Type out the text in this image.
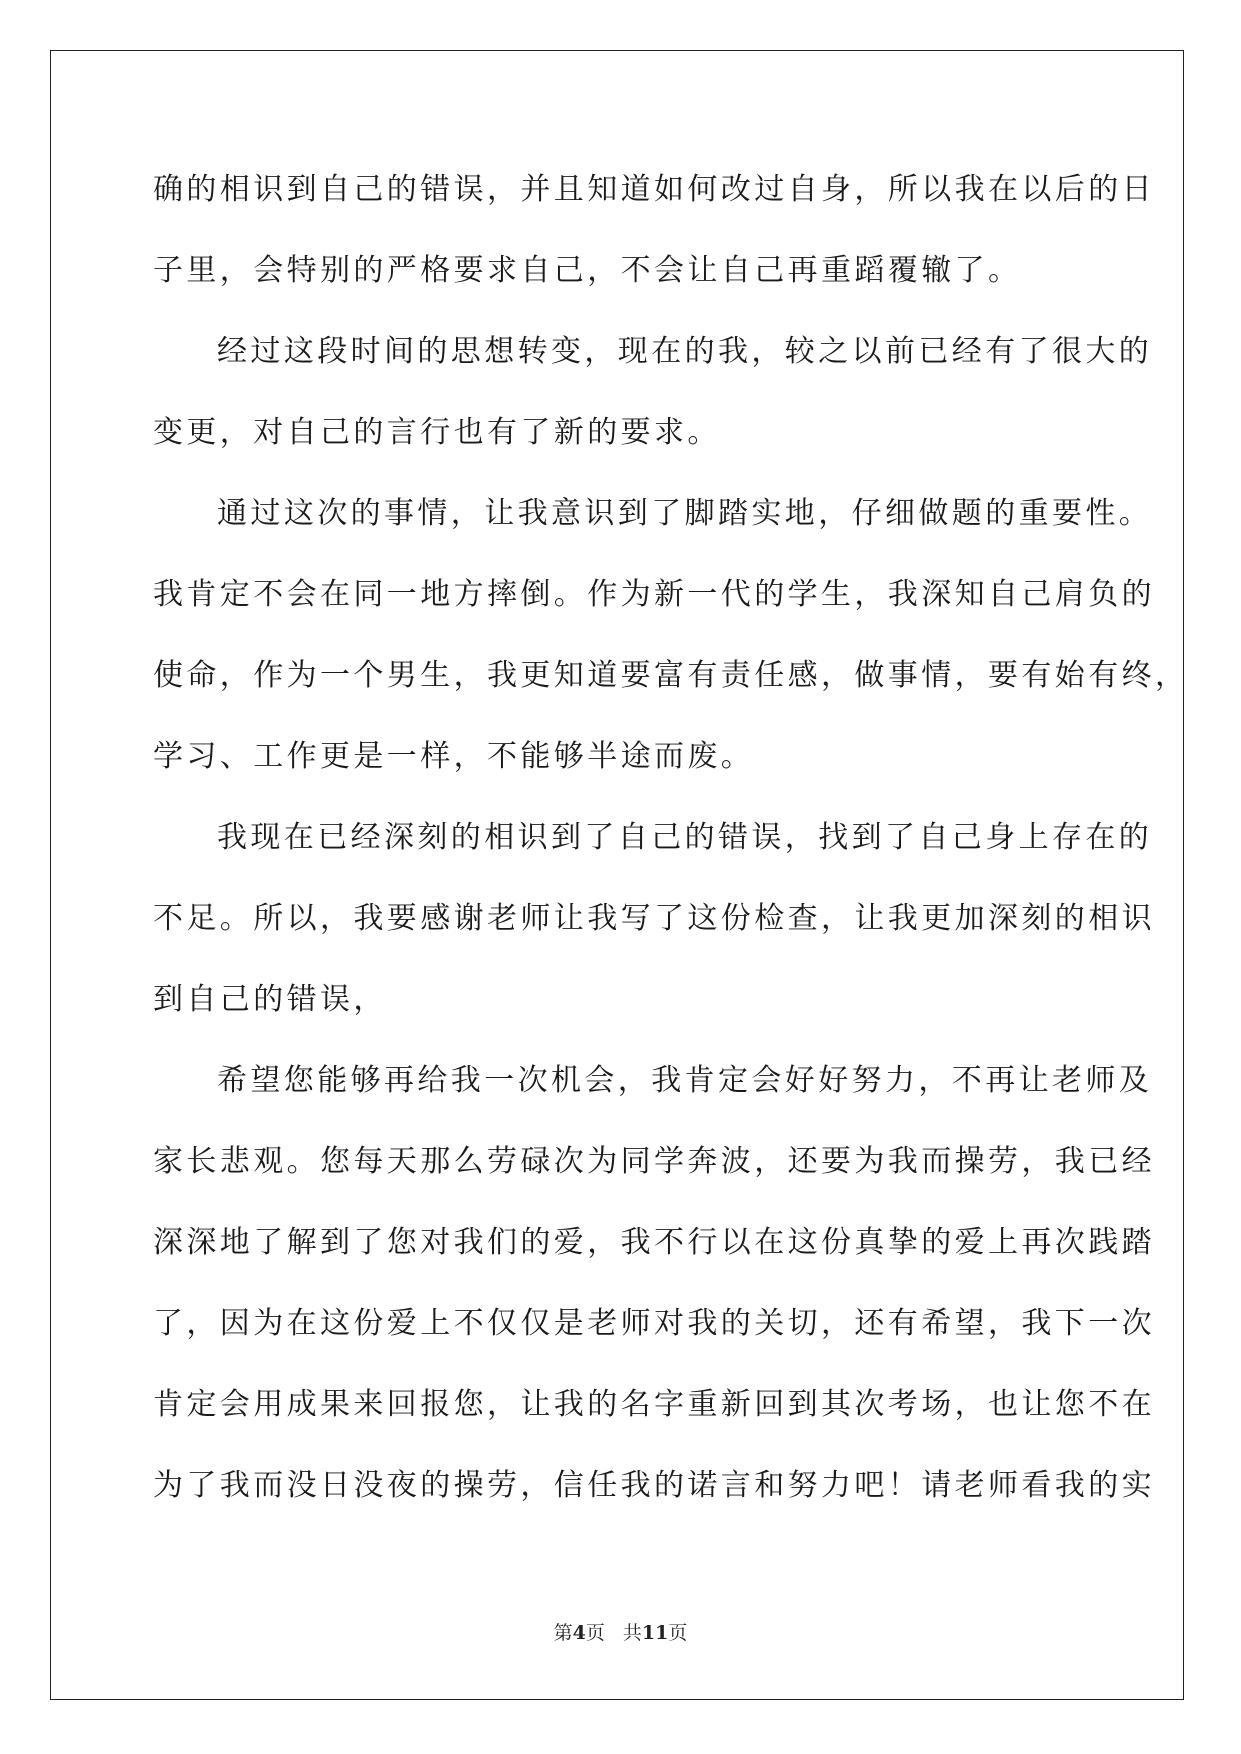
确的相识到自己的错误，并且知道如何改过自身，所以我在以后的日
子里，会特别的严格要求自己，不会让自己再重蹈覆辙了。
经过这段时间的思想转变，现在的我，较之以前已经有了很大的
变更，对自己的言行也有了新的要求。
通过这次的事情，让我意识到了脚踏实地，仔细做题的重要性。
我肯定不会在同一地方摔倒。作为新一代的学生，我深知自己肩负的
使命，作为一个男生，我更知道要富有责任感，做事情，要有始有终，
学习、工作更是一样，不能够半途而废。
我现在已经深刻的相识到了自己的错误，找到了自己身上存在的
不足。所以，我要感谢老师让我写了这份检查，让我更加深刻的相识
到自己的错误，
希望您能够再给我一次机会，我肯定会好好努力，不再让老师及
家长悲观。您每天那么劳碌次为同学奔波，还要为我而操劳，我已经
深深地了解到了您对我们的爱，我不行以在这份真挚的爱上再次践踏
了，因为在这份爱上不仅仅是老师对我的关切，还有希望，我下一次
肯定会用成果来回报您，让我的名字重新回到其次考场，也让您不在
为了我而没日没夜的操劳，信任我的诺言和努力吧！请老师看我的实
第4页 共11页
